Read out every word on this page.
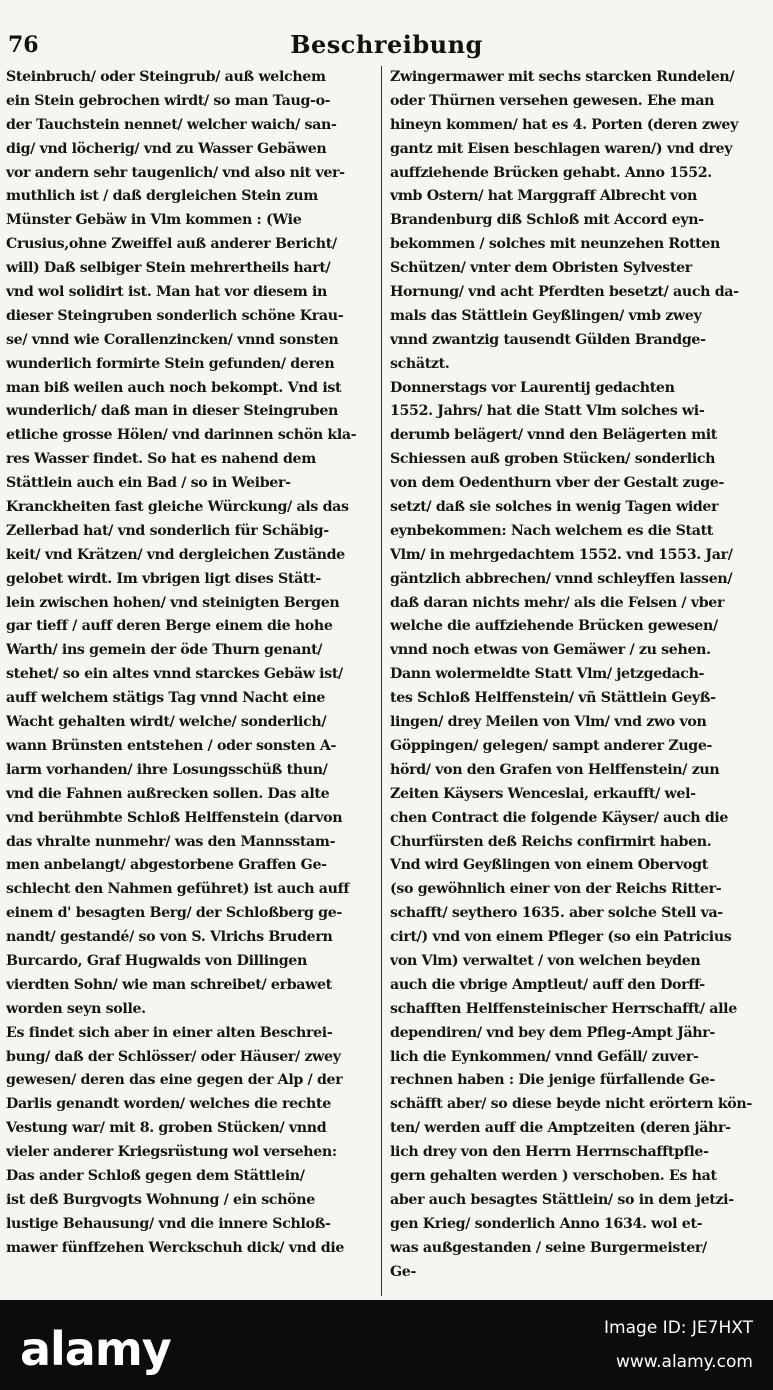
76	Beschreibung
Steinbruch/ oder Steingrub/ auß welchem
ein Stein gebrochen wirdt/ so man Taug-o-
der Tauchstein nennet/ welcher waich/ san-
dig/ vnd löcherig/ vnd zu Wasser Gebäwen
vor andern sehr taugenlich/ vnd also nit ver-
muthlich ist / daß dergleichen Stein zum
Münster Gebäw in Vlm kommen : (Wie
Crusius,ohne Zweiffel auß anderer Bericht/
will) Daß selbiger Stein mehrertheils hart/
vnd wol solidirt ist. Man hat vor diesem in
dieser Steingruben sonderlich schöne Krau-
se/ vnnd wie Corallenzincken/ vnnd sonsten
wunderlich formirte Stein gefunden/ deren
man biß weilen auch noch bekompt. Vnd ist
wunderlich/ daß man in dieser Steingruben
etliche grosse Hölen/ vnd darinnen schön kla-
res Wasser findet. So hat es nahend dem
Stättlein auch ein Bad / so in Weiber-
Kranckheiten fast gleiche Würckung/ als das
Zellerbad hat/ vnd sonderlich für Schäbig-
keit/ vnd Krätzen/ vnd dergleichen Zustände
gelobet wirdt. Im vbrigen ligt dises Stätt-
lein zwischen hohen/ vnd steinigten Bergen
gar tieff / auff deren Berge einem die hohe
Warth/ ins gemein der öde Thurn genant/
stehet/ so ein altes vnnd starckes Gebäw ist/
auff welchem stätigs Tag vnnd Nacht eine
Wacht gehalten wirdt/ welche/ sonderlich/
wann Brünsten entstehen / oder sonsten A-
larm vorhanden/ ihre Losungsschüß thun/
vnd die Fahnen außrecken sollen. Das alte
vnd berühmbte Schloß Helffenstein (darvon
das vhralte nunmehr/ was den Mannsstam-
men anbelangt/ abgestorbene Graffen Ge-
schlecht den Nahmen geführet) ist auch auff
einem d' besagten Berg/ der Schloßberg ge-
nandt/ gestandé/ so von S. Vlrichs Brudern
Burcardo, Graf Hugwalds von Dillingen
vierdten Sohn/ wie man schreibet/ erbawet
worden seyn solle.
Es findet sich aber in einer alten Beschrei-
bung/ daß der Schlösser/ oder Häuser/ zwey
gewesen/ deren das eine gegen der Alp / der
Darlis genandt worden/ welches die rechte
Vestung war/ mit 8. groben Stücken/ vnnd
vieler anderer Kriegsrüstung wol versehen:
Das ander Schloß gegen dem Stättlein/
ist deß Burgvogts Wohnung / ein schöne
lustige Behausung/ vnd die innere Schloß-
mawer fünffzehen Werckschuh dick/ vnd die
Zwingermawer mit sechs starcken Rundelen/
oder Thürnen versehen gewesen. Ehe man
hineyn kommen/ hat es 4. Porten (deren zwey
gantz mit Eisen beschlagen waren/) vnd drey
auffziehende Brücken gehabt. Anno 1552.
vmb Ostern/ hat Marggraff Albrecht von
Brandenburg diß Schloß mit Accord eyn-
bekommen / solches mit neunzehen Rotten
Schützen/ vnter dem Obristen Sylvester
Hornung/ vnd acht Pferdten besetzt/ auch da-
mals das Stättlein Geyßlingen/ vmb zwey
vnnd zwantzig tausendt Gülden Brandge-
schätzt.
Donnerstags vor Laurentij gedachten
1552. Jahrs/ hat die Statt Vlm solches wi-
derumb belägert/ vnnd den Belägerten mit
Schiessen auß groben Stücken/ sonderlich
von dem Oedenthurn vber der Gestalt zuge-
setzt/ daß sie solches in wenig Tagen wider
eynbekommen: Nach welchem es die Statt
Vlm/ in mehrgedachtem 1552. vnd 1553. Jar/
gäntzlich abbrechen/ vnnd schleyffen lassen/
daß daran nichts mehr/ als die Felsen / vber
welche die auffziehende Brücken gewesen/
vnnd noch etwas von Gemäwer / zu sehen.
Dann wolermeldte Statt Vlm/ jetzgedach-
tes Schloß Helffenstein/ vñ Stättlein Geyß-
lingen/ drey Meilen von Vlm/ vnd zwo von
Göppingen/ gelegen/ sampt anderer Zuge-
hörd/ von den Grafen von Helffenstein/ zun
Zeiten Käysers Wenceslai, erkaufft/ wel-
chen Contract die folgende Käyser/ auch die
Churfürsten deß Reichs confirmirt haben.
Vnd wird Geyßlingen von einem Obervogt
(so gewöhnlich einer von der Reichs Ritter-
schafft/ seythero 1635. aber solche Stell va-
cirt/) vnd von einem Pfleger (so ein Patricius
von Vlm) verwaltet / von welchen beyden
auch die vbrige Amptleut/ auff den Dorff-
schafften Helffensteinischer Herrschafft/ alle
dependiren/ vnd bey dem Pfleg-Ampt Jähr-
lich die Eynkommen/ vnnd Gefäll/ zuver-
rechnen haben : Die jenige fürfallende Ge-
schäfft aber/ so diese beyde nicht erörtern kön-
ten/ werden auff die Amptzeiten (deren jähr-
lich drey von den Herrn Herrnschafftpfle-
gern gehalten werden ) verschoben. Es hat
aber auch besagtes Stättlein/ so in dem jetzi-
gen Krieg/ sonderlich Anno 1634. wol et-
was außgestanden / seine Burgermeister/
Ge-
alamy	Image ID: JE7HXT
www.alamy.com
